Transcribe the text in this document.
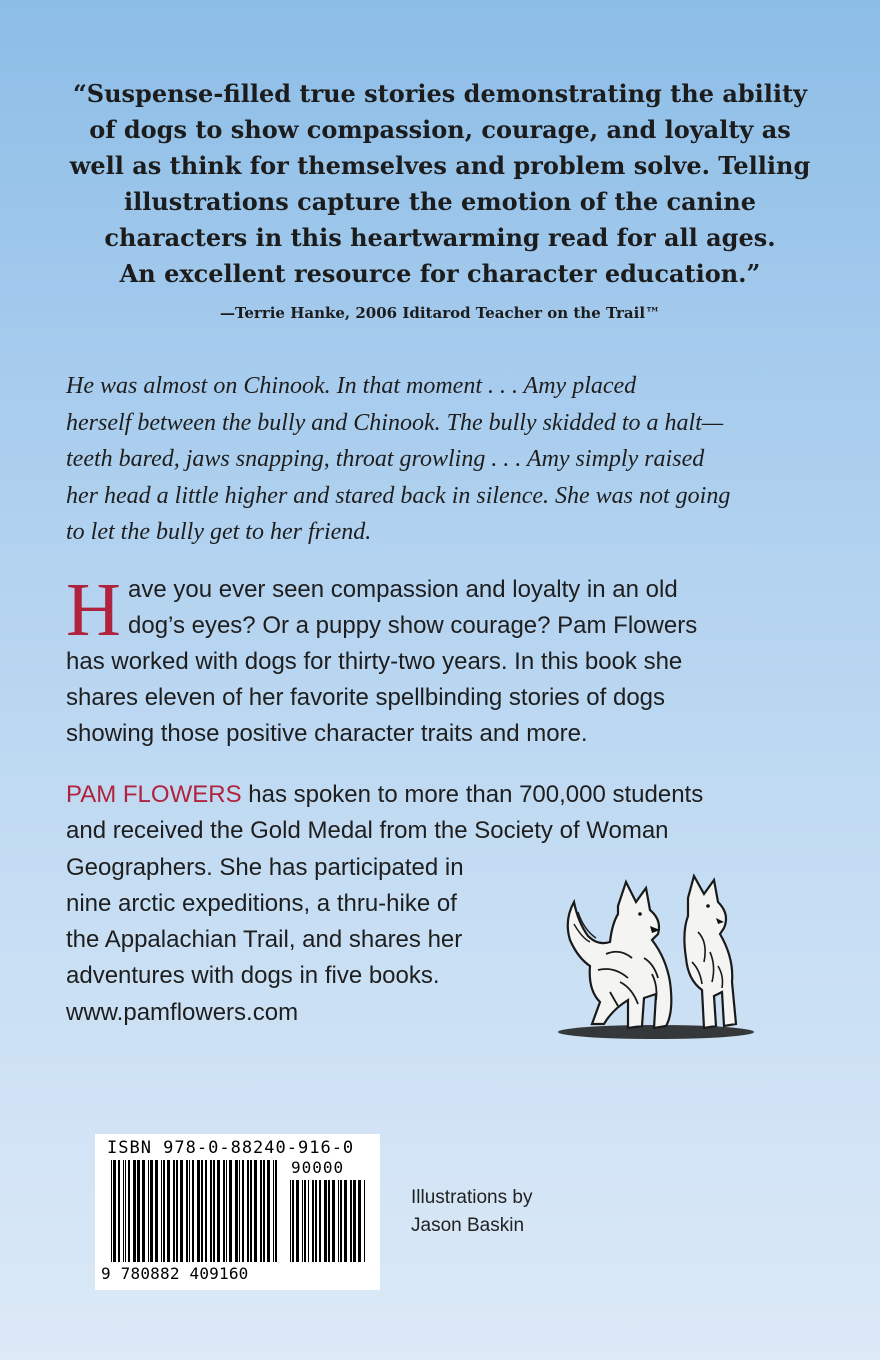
“Suspense-filled true stories demonstrating the ability
of dogs to show compassion, courage, and loyalty as
well as think for themselves and problem solve. Telling
illustrations capture the emotion of the canine
characters in this heartwarming read for all ages.
An excellent resource for character education.”
—Terrie Hanke, 2006 Iditarod Teacher on the Trail™
He was almost on Chinook. In that moment . . . Amy placed
herself between the bully and Chinook. The bully skidded to a halt—
teeth bared, jaws snapping, throat growling . . . Amy simply raised
her head a little higher and stared back in silence. She was not going
to let the bully get to her friend.
H ave you ever seen compassion and loyalty in an old
dog’s eyes? Or a puppy show courage? Pam Flowers
has worked with dogs for thirty-two years. In this book she
shares eleven of her favorite spellbinding stories of dogs
showing those positive character traits and more.
PAM FLOWERS has spoken to more than 700,000 students
and received the Gold Medal from the Society of Woman
Geographers. She has participated in
nine arctic expeditions, a thru-hike of
the Appalachian Trail, and shares her
adventures with dogs in five books.
www.pamflowers.com
ISBN 978-0-88240-916-0
90000
9 780882 409160
Illustrations by
Jason Baskin
